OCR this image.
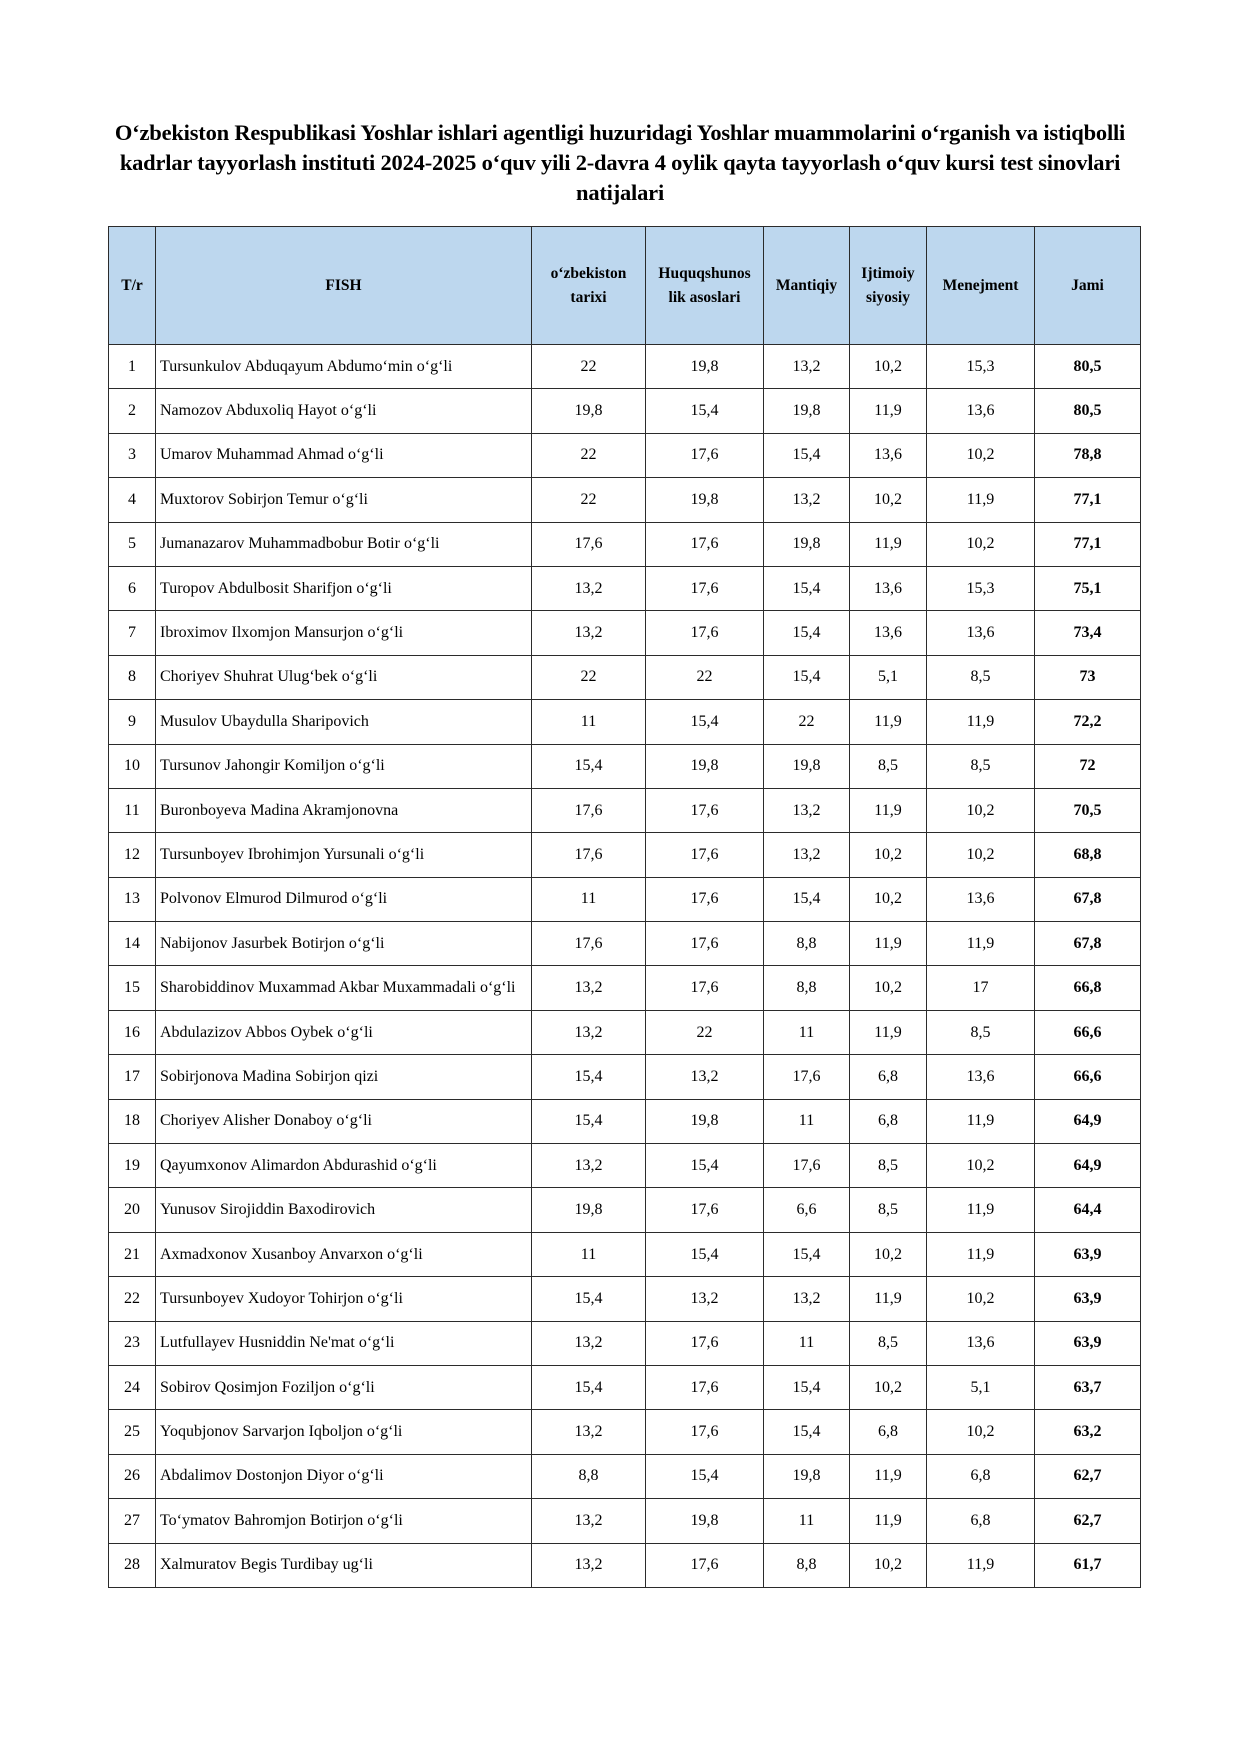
O‘zbekiston Respublikasi Yoshlar ishlari agentligi huzuridagi Yoshlar muammolarini o‘rganish va istiqbolli kadrlar tayyorlash instituti 2024-2025 o‘quv yili 2-davra 4 oylik qayta tayyorlash o‘quv kursi test sinovlari natijalari
T/r	FISH	o‘zbekiston tarixi	Huquqshunos lik asoslari	Mantiqiy	Ijtimoiy siyosiy	Menejment	Jami
1	Tursunkulov Abduqayum Abdumo‘min o‘g‘li	22	19,8	13,2	10,2	15,3	80,5
2	Namozov Abduxoliq Hayot o‘g‘li	19,8	15,4	19,8	11,9	13,6	80,5
3	Umarov Muhammad Ahmad o‘g‘li	22	17,6	15,4	13,6	10,2	78,8
4	Muxtorov Sobirjon Temur o‘g‘li	22	19,8	13,2	10,2	11,9	77,1
5	Jumanazarov Muhammadbobur Botir o‘g‘li	17,6	17,6	19,8	11,9	10,2	77,1
6	Turopov Abdulbosit Sharifjon o‘g‘li	13,2	17,6	15,4	13,6	15,3	75,1
7	Ibroximov Ilxomjon Mansurjon o‘g‘li	13,2	17,6	15,4	13,6	13,6	73,4
8	Choriyev Shuhrat Ulug‘bek o‘g‘li	22	22	15,4	5,1	8,5	73
9	Musulov Ubaydulla Sharipovich	11	15,4	22	11,9	11,9	72,2
10	Tursunov Jahongir Komiljon o‘g‘li	15,4	19,8	19,8	8,5	8,5	72
11	Buronboyeva Madina Akramjonovna	17,6	17,6	13,2	11,9	10,2	70,5
12	Tursunboyev Ibrohimjon Yursunali o‘g‘li	17,6	17,6	13,2	10,2	10,2	68,8
13	Polvonov Elmurod Dilmurod o‘g‘li	11	17,6	15,4	10,2	13,6	67,8
14	Nabijonov Jasurbek Botirjon o‘g‘li	17,6	17,6	8,8	11,9	11,9	67,8
15	Sharobiddinov Muxammad Akbar Muxammadali o‘g‘li	13,2	17,6	8,8	10,2	17	66,8
16	Abdulazizov Abbos Oybek o‘g‘li	13,2	22	11	11,9	8,5	66,6
17	Sobirjonova Madina Sobirjon qizi	15,4	13,2	17,6	6,8	13,6	66,6
18	Choriyev Alisher Donaboy o‘g‘li	15,4	19,8	11	6,8	11,9	64,9
19	Qayumxonov Alimardon Abdurashid o‘g‘li	13,2	15,4	17,6	8,5	10,2	64,9
20	Yunusov Sirojiddin Baxodirovich	19,8	17,6	6,6	8,5	11,9	64,4
21	Axmadxonov Xusanboy Anvarxon o‘g‘li	11	15,4	15,4	10,2	11,9	63,9
22	Tursunboyev Xudoyor Tohirjon o‘g‘li	15,4	13,2	13,2	11,9	10,2	63,9
23	Lutfullayev Husniddin Ne'mat o‘g‘li	13,2	17,6	11	8,5	13,6	63,9
24	Sobirov Qosimjon Foziljon o‘g‘li	15,4	17,6	15,4	10,2	5,1	63,7
25	Yoqubjonov Sarvarjon Iqboljon o‘g‘li	13,2	17,6	15,4	6,8	10,2	63,2
26	Abdalimov Dostonjon Diyor o‘g‘li	8,8	15,4	19,8	11,9	6,8	62,7
27	To‘ymatov Bahromjon Botirjon o‘g‘li	13,2	19,8	11	11,9	6,8	62,7
28	Xalmuratov Begis Turdibay ug‘li	13,2	17,6	8,8	10,2	11,9	61,7
